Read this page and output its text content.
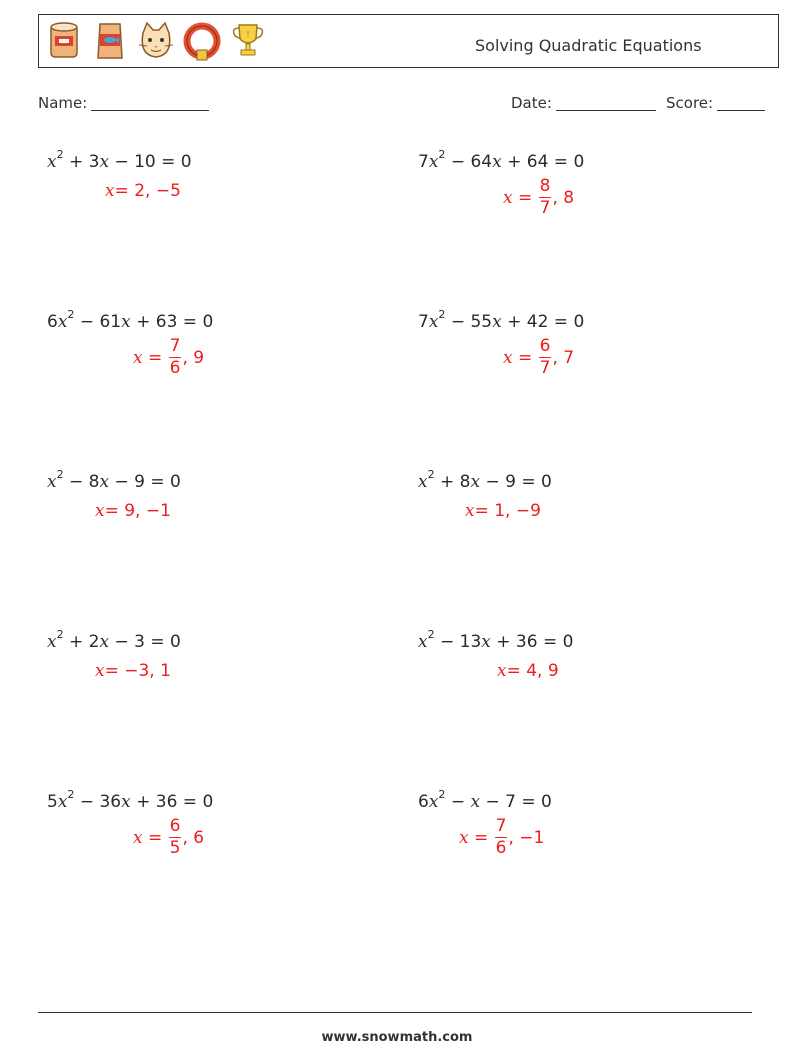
!
Solving Quadratic Equations
Name:	Date:	Score:
$x^2 + 3x - 10 = 0$
x = 2, −5
$7x^2 - 64x + 64 = 0$
$x = \frac{8}{7}$ , 8
$6x^2 - 61x + 63 = 0$
$x = \frac{7}{6}$ , 9
$7x^2 - 55x + 42 = 0$
$x = \frac{6}{7}$ , 7
$x^2 - 8x - 9 = 0$
x = 9, −1
$x^2 + 8x - 9 = 0$
x = 1, −9
$x^2 + 2x - 3 = 0$
x = −3, 1
$x^2 - 13x + 36 = 0$
x = 4, 9
$5x^2 - 36x + 36 = 0$
$x = \frac{6}{5}$ , 6
$6x^2 - x - 7 = 0$
$x = \frac{7}{6}$ , −1
www.snowmath.com
